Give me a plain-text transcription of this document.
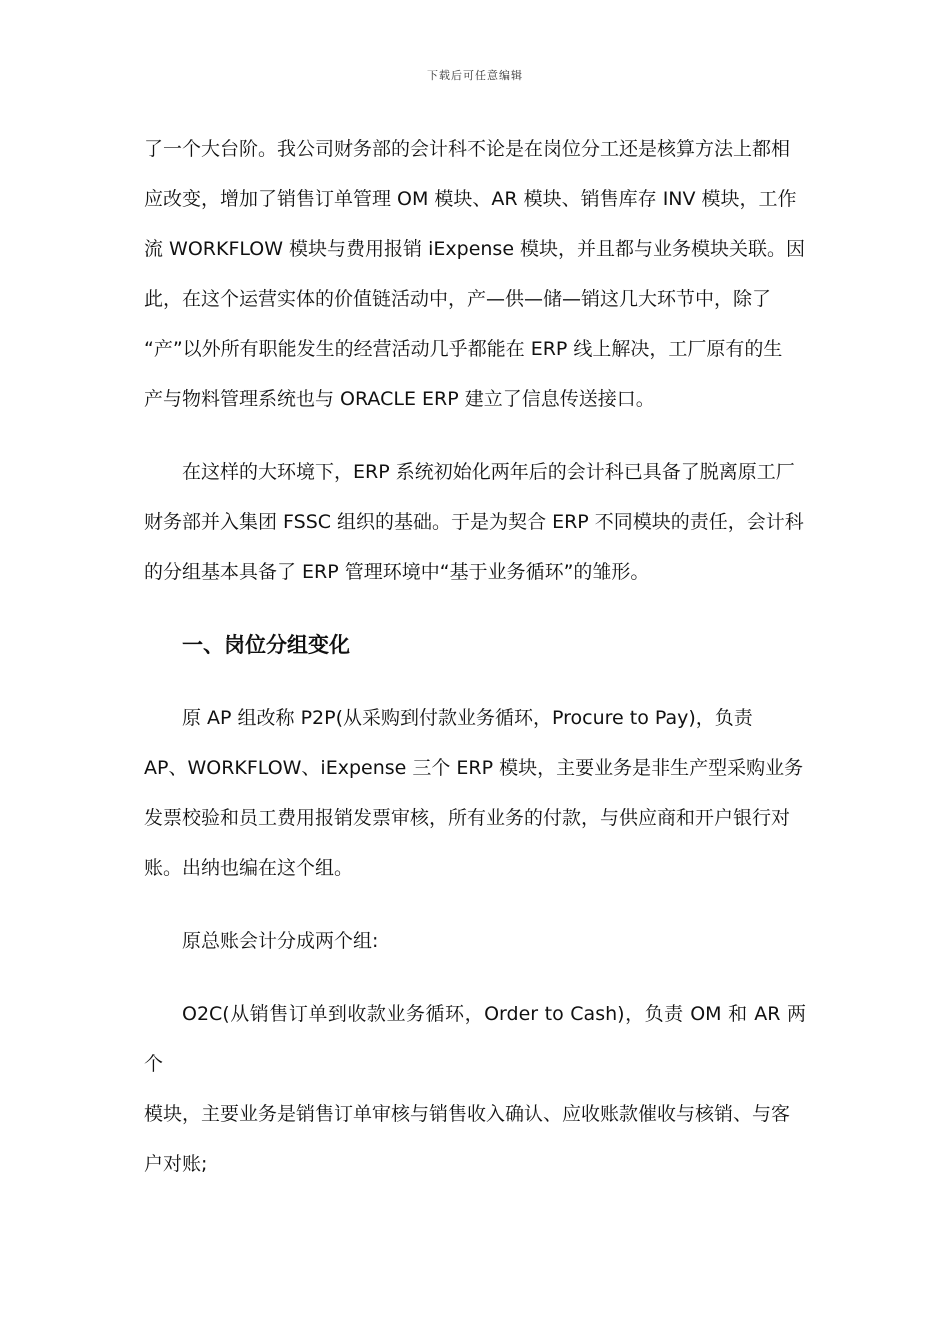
下载后可任意编辑

了一个大台阶。我公司财务部的会计科不论是在岗位分工还是核算方法上都相
应改变，增加了销售订单管理 OM 模块、AR 模块、销售库存 INV 模块，工作
流 WORKFLOW 模块与费用报销 iExpense 模块，并且都与业务模块关联。因
此，在这个运营实体的价值链活动中，产—供—储—销这几大环节中，除了
“产”以外所有职能发生的经营活动几乎都能在 ERP 线上解决，工厂原有的生
产与物料管理系统也与 ORACLE ERP 建立了信息传送接口。

在这样的大环境下，ERP 系统初始化两年后的会计科已具备了脱离原工厂
财务部并入集团 FSSC 组织的基础。于是为契合 ERP 不同模块的责任，会计科
的分组基本具备了 ERP 管理环境中“基于业务循环”的雏形。

一、岗位分组变化

原 AP 组改称 P2P(从采购到付款业务循环，Procure to Pay)，负责
AP、WORKFLOW、iExpense 三个 ERP 模块，主要业务是非生产型采购业务
发票校验和员工费用报销发票审核，所有业务的付款，与供应商和开户银行对
账。出纳也编在这个组。

原总账会计分成两个组:

O2C(从销售订单到收款业务循环，Order to Cash)，负责 OM 和 AR 两个
模块，主要业务是销售订单审核与销售收入确认、应收账款催收与核销、与客
户对账;
